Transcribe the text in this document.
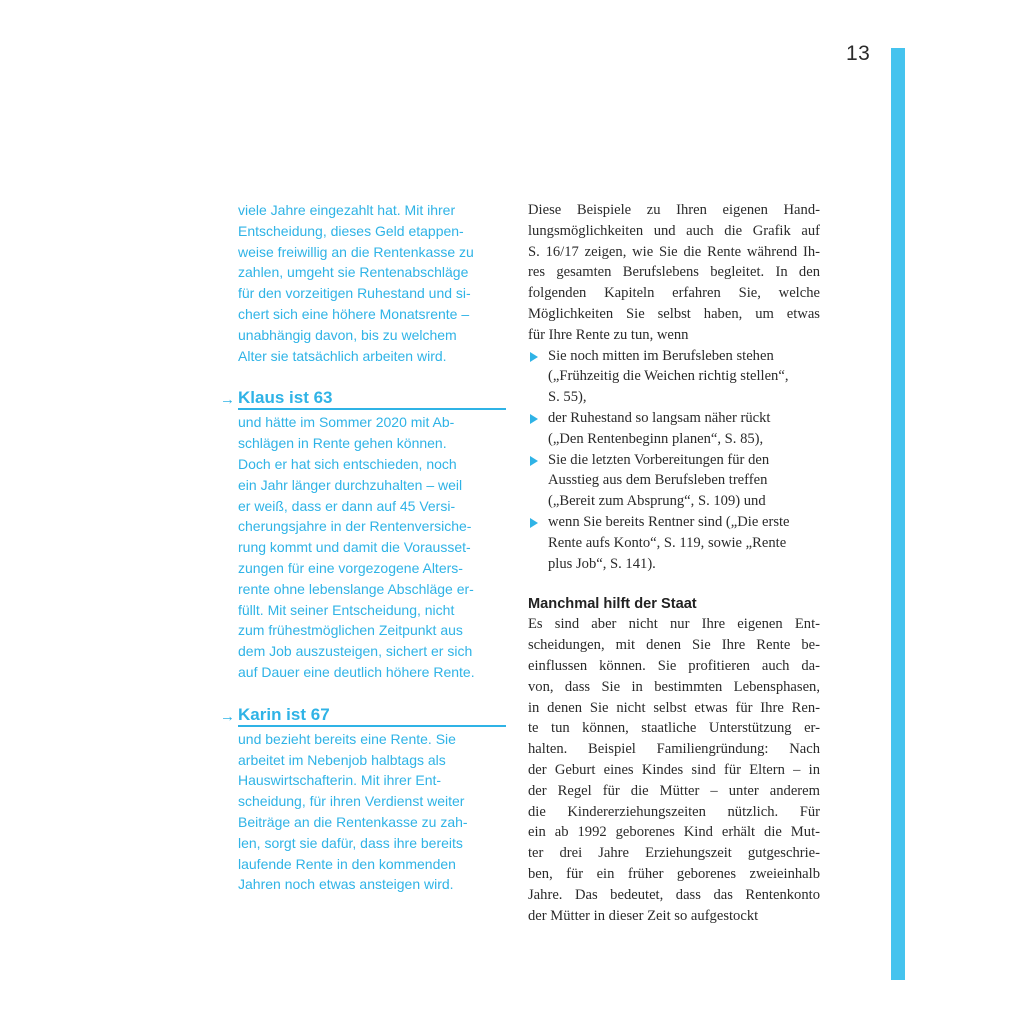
13
viele Jahre eingezahlt hat. Mit ihrer
Entscheidung, dieses Geld etappen-
weise freiwillig an die Rentenkasse zu
zahlen, umgeht sie Rentenabschläge
für den vorzeitigen Ruhestand und si-
chert sich eine höhere Monatsrente –
unabhängig davon, bis zu welchem
Alter sie tatsächlich arbeiten wird.
→ Klaus ist 63
und hätte im Sommer 2020 mit Ab-
schlägen in Rente gehen können.
Doch er hat sich entschieden, noch
ein Jahr länger durchzuhalten – weil
er weiß, dass er dann auf 45 Versi-
cherungsjahre in der Rentenversiche-
rung kommt und damit die Vorausset-
zungen für eine vorgezogene Alters-
rente ohne lebenslange Abschläge er-
füllt. Mit seiner Entscheidung, nicht
zum frühestmöglichen Zeitpunkt aus
dem Job auszusteigen, sichert er sich
auf Dauer eine deutlich höhere Rente.
→ Karin ist 67
und bezieht bereits eine Rente. Sie
arbeitet im Nebenjob halbtags als
Hauswirtschafterin. Mit ihrer Ent-
scheidung, für ihren Verdienst weiter
Beiträge an die Rentenkasse zu zah-
len, sorgt sie dafür, dass ihre bereits
laufende Rente in den kommenden
Jahren noch etwas ansteigen wird.
Diese Beispiele zu Ihren eigenen Hand-
lungsmöglichkeiten und auch die Grafik auf
S. 16/17 zeigen, wie Sie die Rente während Ih-
res gesamten Berufslebens begleitet. In den
folgenden Kapiteln erfahren Sie, welche
Möglichkeiten Sie selbst haben, um etwas
für Ihre Rente zu tun, wenn
Sie noch mitten im Berufsleben stehen
(„Frühzeitig die Weichen richtig stellen“,
S. 55),
der Ruhestand so langsam näher rückt
(„Den Rentenbeginn planen“, S. 85),
Sie die letzten Vorbereitungen für den
Ausstieg aus dem Berufsleben treffen
(„Bereit zum Absprung“, S. 109) und
wenn Sie bereits Rentner sind („Die erste
Rente aufs Konto“, S. 119, sowie „Rente
plus Job“, S. 141).
Manchmal hilft der Staat
Es sind aber nicht nur Ihre eigenen Ent-
scheidungen, mit denen Sie Ihre Rente be-
einflussen können. Sie profitieren auch da-
von, dass Sie in bestimmten Lebensphasen,
in denen Sie nicht selbst etwas für Ihre Ren-
te tun können, staatliche Unterstützung er-
halten. Beispiel Familiengründung: Nach
der Geburt eines Kindes sind für Eltern – in
der Regel für die Mütter – unter anderem
die Kindererziehungszeiten nützlich. Für
ein ab 1992 geborenes Kind erhält die Mut-
ter drei Jahre Erziehungszeit gutgeschrie-
ben, für ein früher geborenes zweieinhalb
Jahre. Das bedeutet, dass das Rentenkonto
der Mütter in dieser Zeit so aufgestockt
